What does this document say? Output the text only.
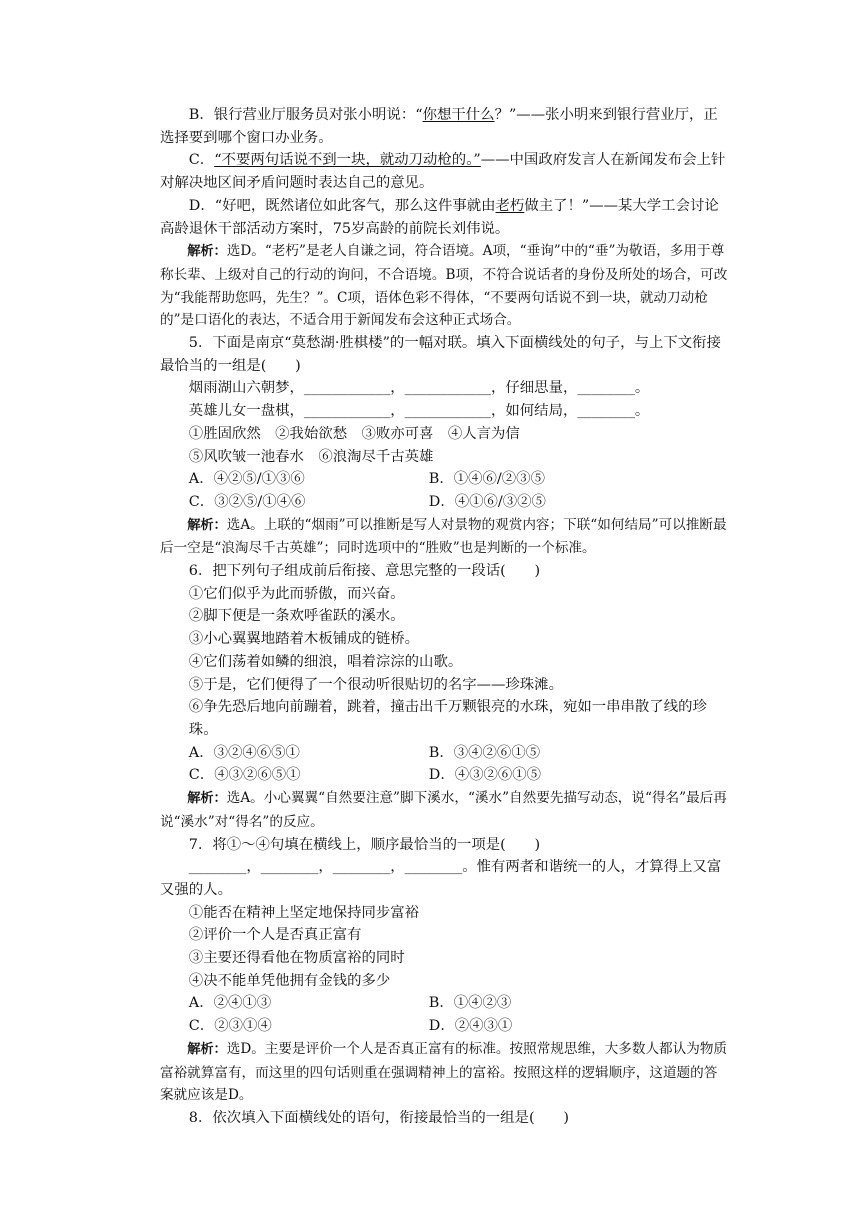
B．银行营业厅服务员对张小明说：“你想干什么？”——张小明来到银行营业厅，正选择要到哪个窗口办业务。

C．“不要两句话说不到一块，就动刀动枪的。”——中国政府发言人在新闻发布会上针对解决地区间矛盾问题时表达自己的意见。

D．“好吧，既然诸位如此客气，那么这件事就由老朽做主了！”——某大学工会讨论高龄退休干部活动方案时，75岁高龄的前院长刘伟说。

解析：选D。“老朽”是老人自谦之词，符合语境。A项，“垂询”中的“垂”为敬语，多用于尊称长辈、上级对自己的行动的询问，不合语境。B项，不符合说话者的身份及所处的场合，可改为“我能帮助您吗，先生？”。C项，语体色彩不得体，“不要两句话说不到一块，就动刀动枪的”是口语化的表达，不适合用于新闻发布会这种正式场合。

5．下面是南京“莫愁湖·胜棋楼”的一幅对联。填入下面横线处的句子，与上下文衔接最恰当的一组是(　　)

烟雨湖山六朝梦，____________，____________，仔细思量，________。

英雄儿女一盘棋，____________，____________，如何结局，________。

①胜固欣然　②我始欲愁　③败亦可喜　④人言为信

⑤风吹皱一池春水　⑥浪淘尽千古英雄

A．④②⑤/①③⑥	B．①④⑥/②③⑤
C．③②⑤/①④⑥	D．④①⑥/③②⑤

解析：选A。上联的“烟雨”可以推断是写人对景物的观赏内容；下联“如何结局”可以推断最后一空是“浪淘尽千古英雄”；同时选项中的“胜败”也是判断的一个标准。

6．把下列句子组成前后衔接、意思完整的一段话(　　)

①它们似乎为此而骄傲，而兴奋。

②脚下便是一条欢呼雀跃的溪水。

③小心翼翼地踏着木板铺成的链桥。

④它们荡着如鳞的细浪，唱着淙淙的山歌。

⑤于是，它们便得了一个很动听很贴切的名字——珍珠滩。

⑥争先恐后地向前蹦着，跳着，撞击出千万颗银亮的水珠，宛如一串串散了线的珍珠。

A．③②④⑥⑤①	B．③④②⑥①⑤
C．④③②⑥⑤①	D．④③②⑥①⑤

解析：选A。小心翼翼“自然要注意”脚下溪水，“溪水”自然要先描写动态，说“得名”最后再说“溪水”对“得名”的反应。

7．将①～④句填在横线上，顺序最恰当的一项是(　　)

________，________，________，________。惟有两者和谐统一的人，才算得上又富又强的人。

①能否在精神上坚定地保持同步富裕

②评价一个人是否真正富有

③主要还得看他在物质富裕的同时

④决不能单凭他拥有金钱的多少

A．②④①③	B．①④②③
C．②③①④	D．②④③①

解析：选D。主要是评价一个人是否真正富有的标准。按照常规思维，大多数人都认为物质富裕就算富有，而这里的四句话则重在强调精神上的富裕。按照这样的逻辑顺序，这道题的答案就应该是D。

8．依次填入下面横线处的语句，衔接最恰当的一组是(　　)
